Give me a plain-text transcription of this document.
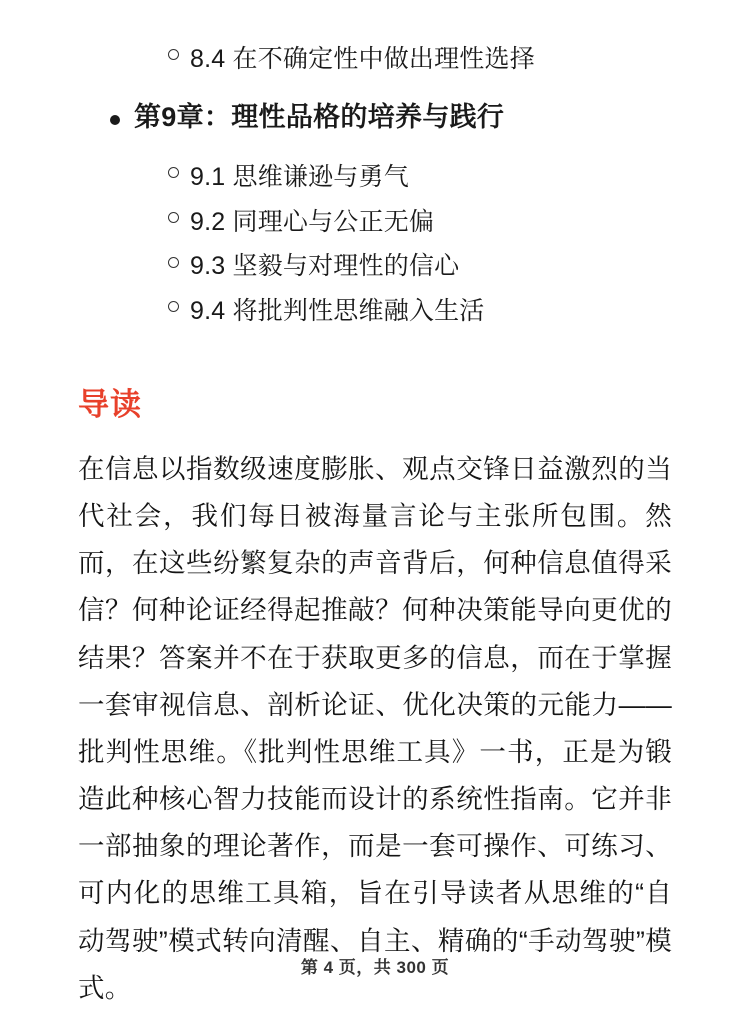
8.4 在不确定性中做出理性选择
第9章：理性品格的培养与践行
9.1 思维谦逊与勇气
9.2 同理心与公正无偏
9.3 坚毅与对理性的信心
9.4 将批判性思维融入生活
导读

在信息以指数级速度膨胀、观点交锋日益激烈的当代社会，我们每日被海量言论与主张所包围。然而，在这些纷繁复杂的声音背后，何种信息值得采信？何种论证经得起推敲？何种决策能导向更优的结果？答案并不在于获取更多的信息，而在于掌握一套审视信息、剖析论证、优化决策的元能力——批判性思维。《批判性思维工具》一书，正是为锻造此种核心智力技能而设计的系统性指南。它并非一部抽象的理论著作，而是一套可操作、可练习、可内化的思维工具箱，旨在引导读者从思维的“自动驾驶”模式转向清醒、自主、精确的“手动驾驶”模式。

第 4 页，共 300 页
